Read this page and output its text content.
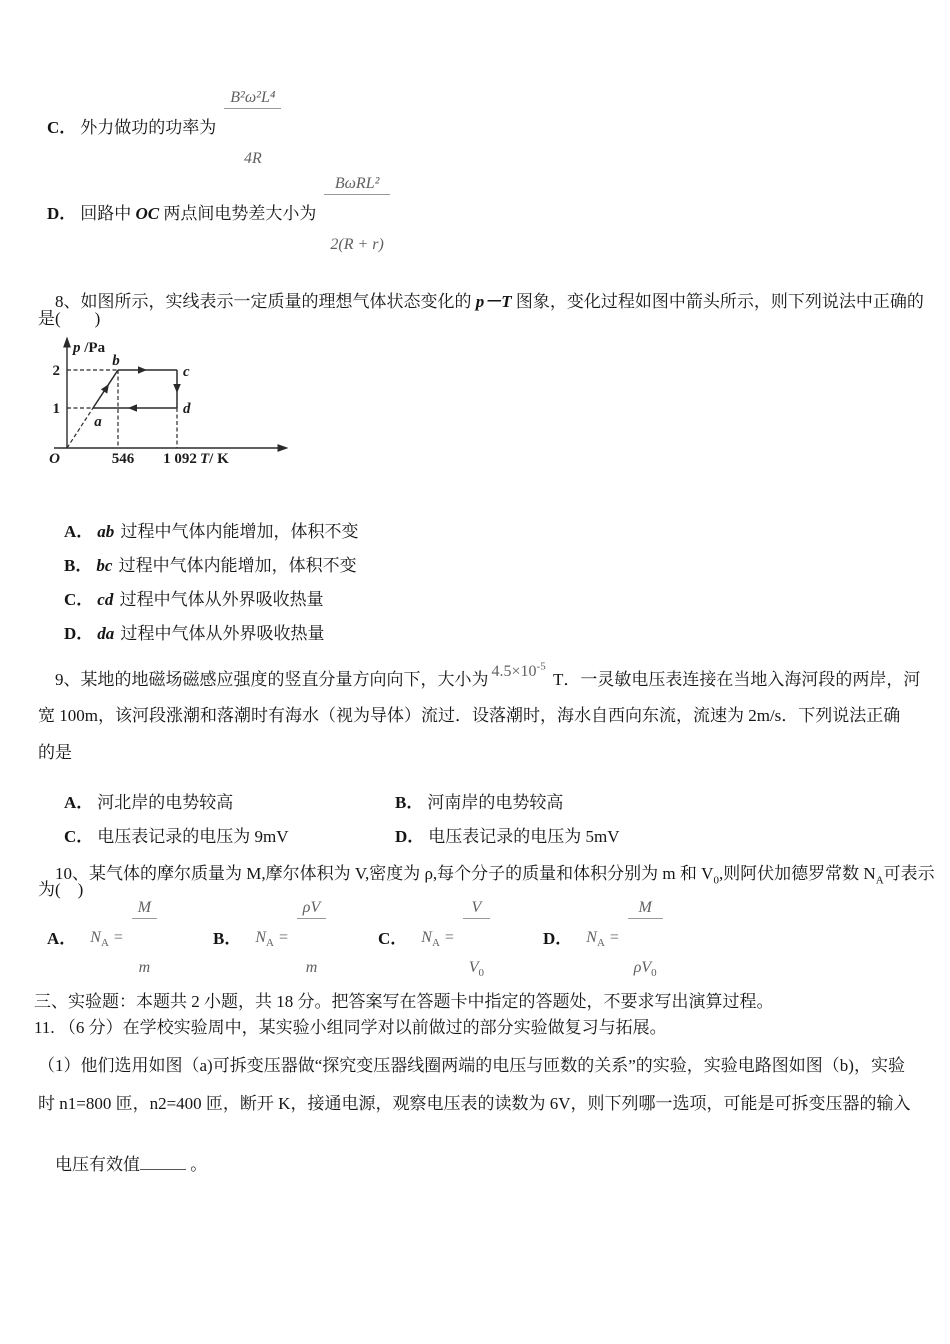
C． 外力做功的功率为

$\frac{\text{B²ω²L⁴}}{4R}$

D． 回路中 OC 两点间电势差大小为

$\frac{\text{BωRL²}}{2(R + r)}$

8、如图所示，实线表示一定质量的理想气体状态变化的 p－T 图象，变化过程如图中箭头所示，则下列说法中正确的

是(　　)
p /Pa
2
1
O	546 1 092 T/ K
a
b
c
d

A． ab 过程中气体内能增加，体积不变

B． bc 过程中气体内能增加，体积不变

C． cd 过程中气体从外界吸收热量

D． da 过程中气体从外界吸收热量

9、某地的地磁场磁感应强度的竖直分量方向向下，大小为 $4.5\times 10^{-5}$ T．一灵敏电压表连接在当地入海河段的两岸，河

宽 100m，该河段涨潮和落潮时有海水（视为导体）流过．设落潮时，海水自西向东流，流速为 2m/s．下列说法正确
的是

A． 河北岸的电势较高
	B． 河南岸的电势较高

C． 电压表记录的电压为 9mV
	D． 电压表记录的电压为 5mV

10、某气体的摩尔质量为 M,摩尔体积为 V,密度为 ρ,每个分子的质量和体积分别为 m 和 $V_0$,则阿伏加德罗常数 $N_A$可表示

为(　)
A． $N_A$ =

$\frac{M}{m}$

	B． $N_A$ =

$\frac{\rho V}{m}$

	C． $N_A$ =

$\frac{V}{V_0}$

	D． $N_A$ =

$\frac{M}{\rho V_0}$

三、实验题：本题共 2 小题，共 18 分。把答案写在答题卡中指定的答题处，不要求写出演算过程。
11. （6 分）在学校实验周中，某实验小组同学对以前做过的部分实验做复习与拓展。
（1）他们选用如图（a)可拆变压器做“探究变压器线圈两端的电压与匝数的关系”的实验，实验电路图如图（b)，实验
时 n1=800 匝，n2=400 匝，断开 K，接通电源，观察电压表的读数为 6V，则下列哪一选项，可能是可拆变压器的输入

电压有效值	。
